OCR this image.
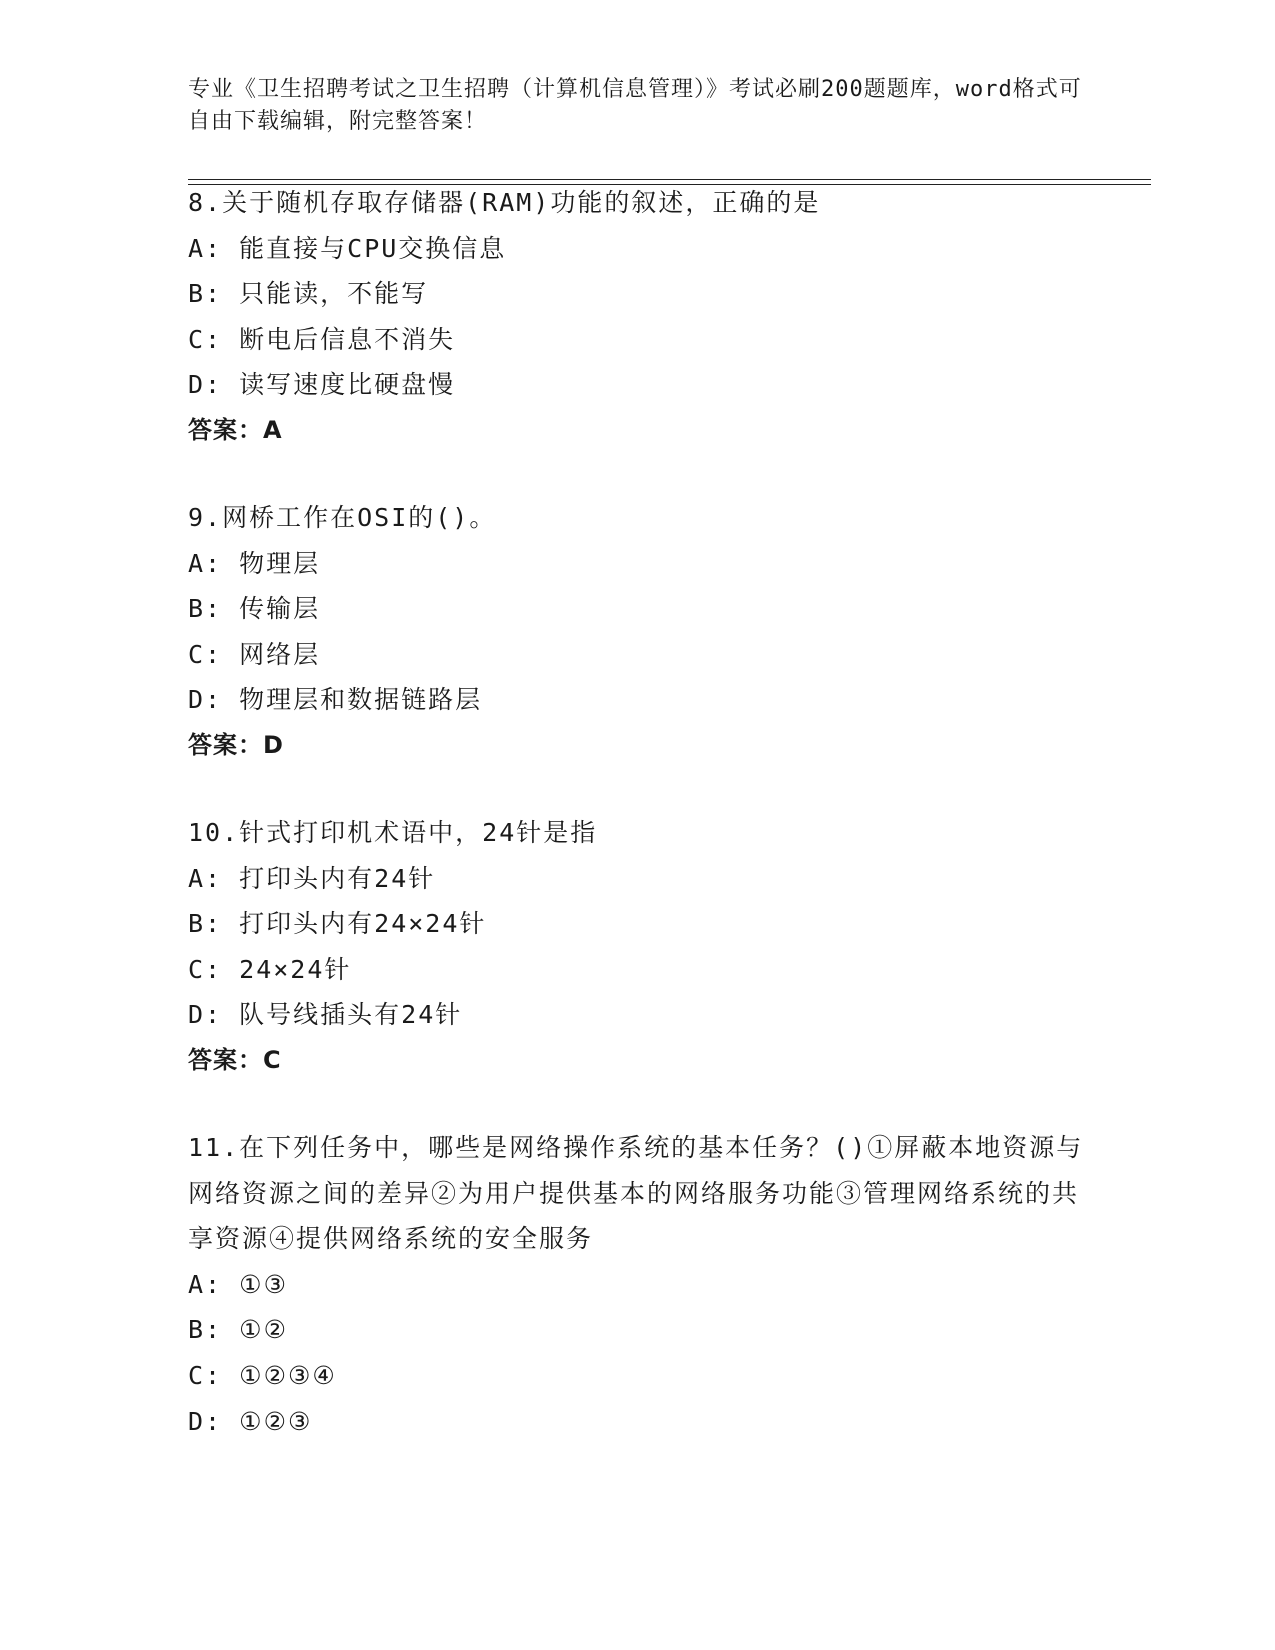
专业《卫生招聘考试之卫生招聘（计算机信息管理）》考试必刷200题题库，word格式可自由下载编辑，附完整答案！
8.关于随机存取存储器(RAM)功能的叙述，正确的是
A: 能直接与CPU交换信息
B: 只能读，不能写
C: 断电后信息不消失
D: 读写速度比硬盘慢
答案：A
9.网桥工作在OSI的()。
A: 物理层
B: 传输层
C: 网络层
D: 物理层和数据链路层
答案：D
10.针式打印机术语中，24针是指
A: 打印头内有24针
B: 打印头内有24×24针
C: 24×24针
D: 队号线插头有24针
答案：C
11.在下列任务中，哪些是网络操作系统的基本任务？()①屏蔽本地资源与网络资源之间的差异②为用户提供基本的网络服务功能③管理网络系统的共享资源④提供网络系统的安全服务
A: ①③
B: ①②
C: ①②③④
D: ①②③
